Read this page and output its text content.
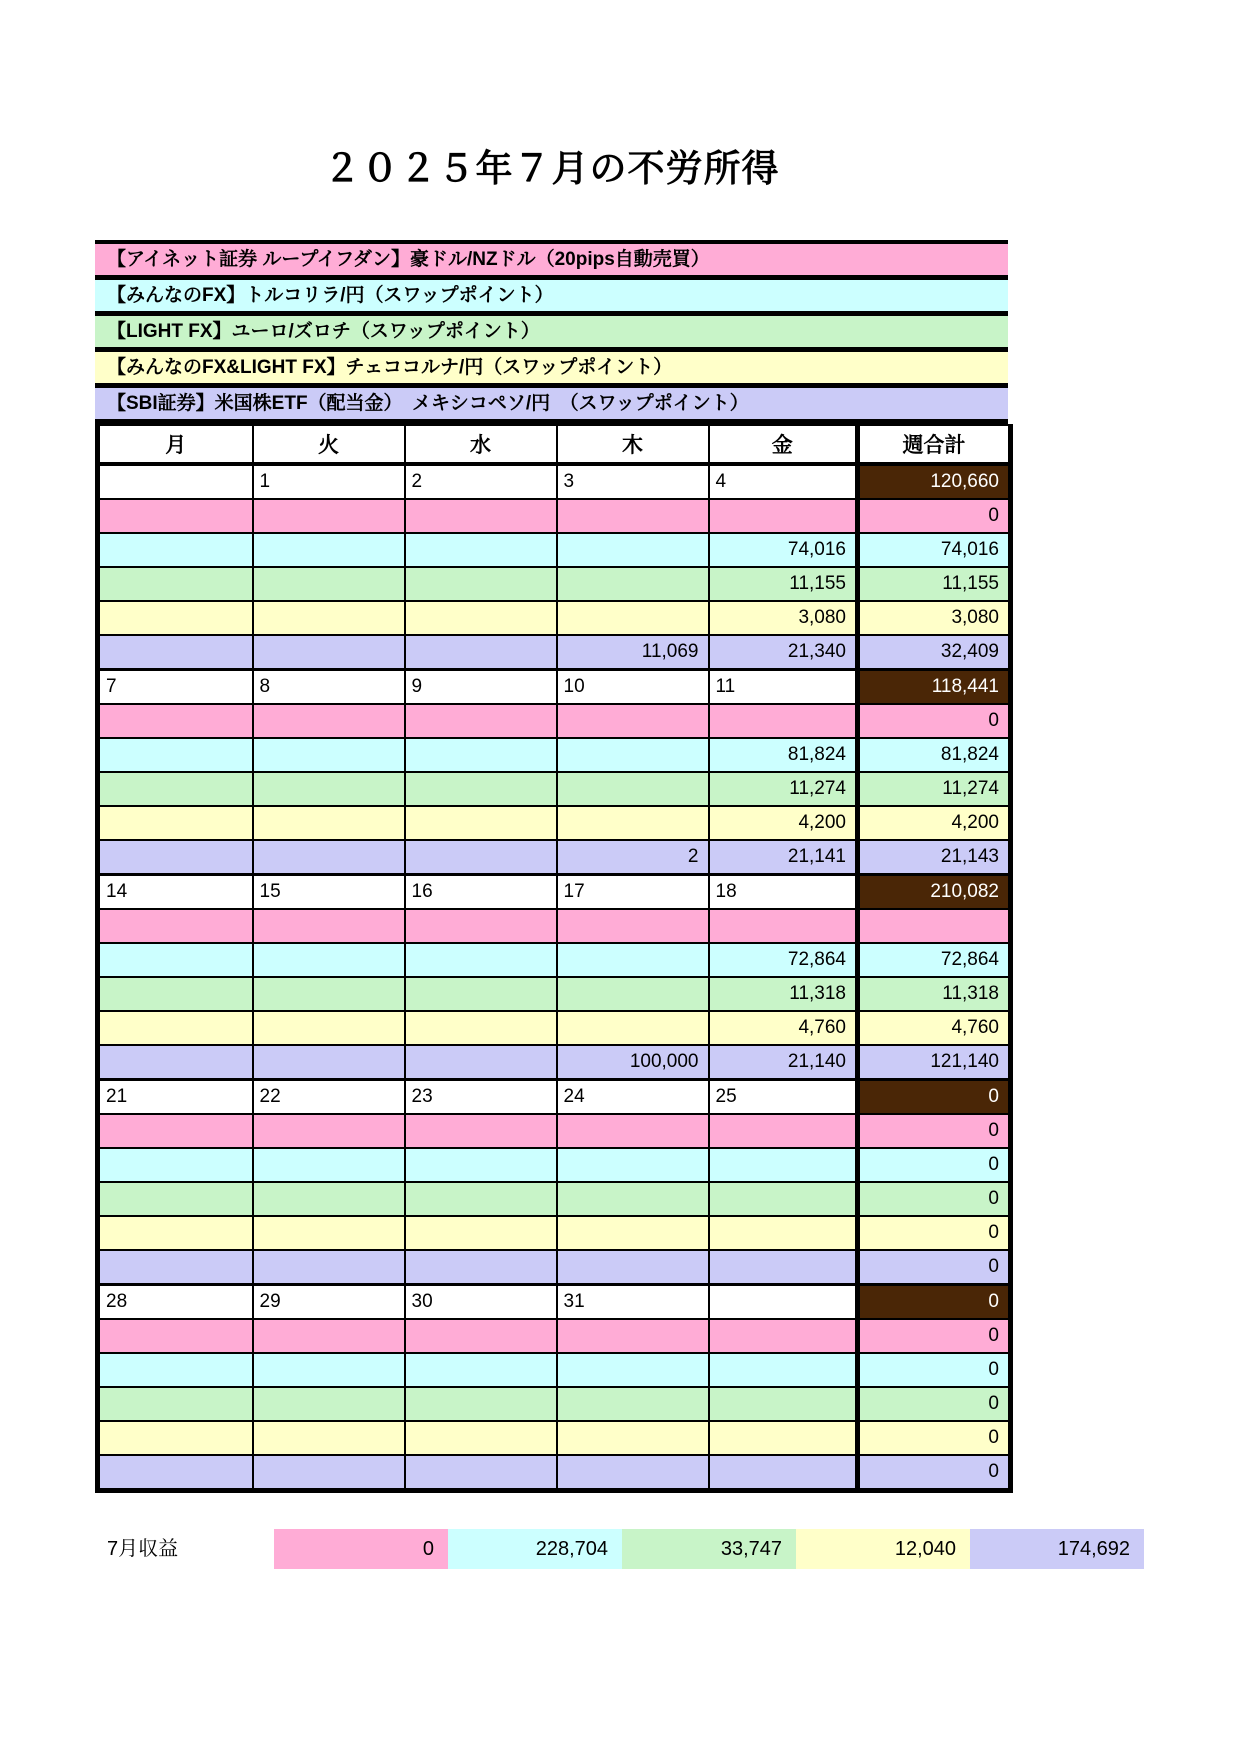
２０２５年７月の不労所得
【アイネット証券 ループイフダン】豪ドル/NZドル（20pips自動売買）
【みんなのFX】トルコリラ/円（スワップポイント）
【LIGHT FX】ユーロ/ズロチ（スワップポイント）
【みんなのFX&LIGHT FX】チェココルナ/円（スワップポイント）
【SBI証券】米国株ETF（配当金）　メキシコペソ/円　（スワップポイント）
月	火	水	木	金	週合計
	1	2	3	4	120,660
					0
				74,016	74,016
				11,155	11,155
				3,080	3,080
			11,069	21,340	32,409
7	8	9	10	11	118,441
					0
				81,824	81,824
				11,274	11,274
				4,200	4,200
			2	21,141	21,143
14	15	16	17	18	210,082

				72,864	72,864
				11,318	11,318
				4,760	4,760
			100,000	21,140	121,140
21	22	23	24	25	0
					0
					0
					0
					0
					0
28	29	30	31		0
					0
					0
					0
					0
					0
7月収益	0	228,704	33,747	12,040	174,692
